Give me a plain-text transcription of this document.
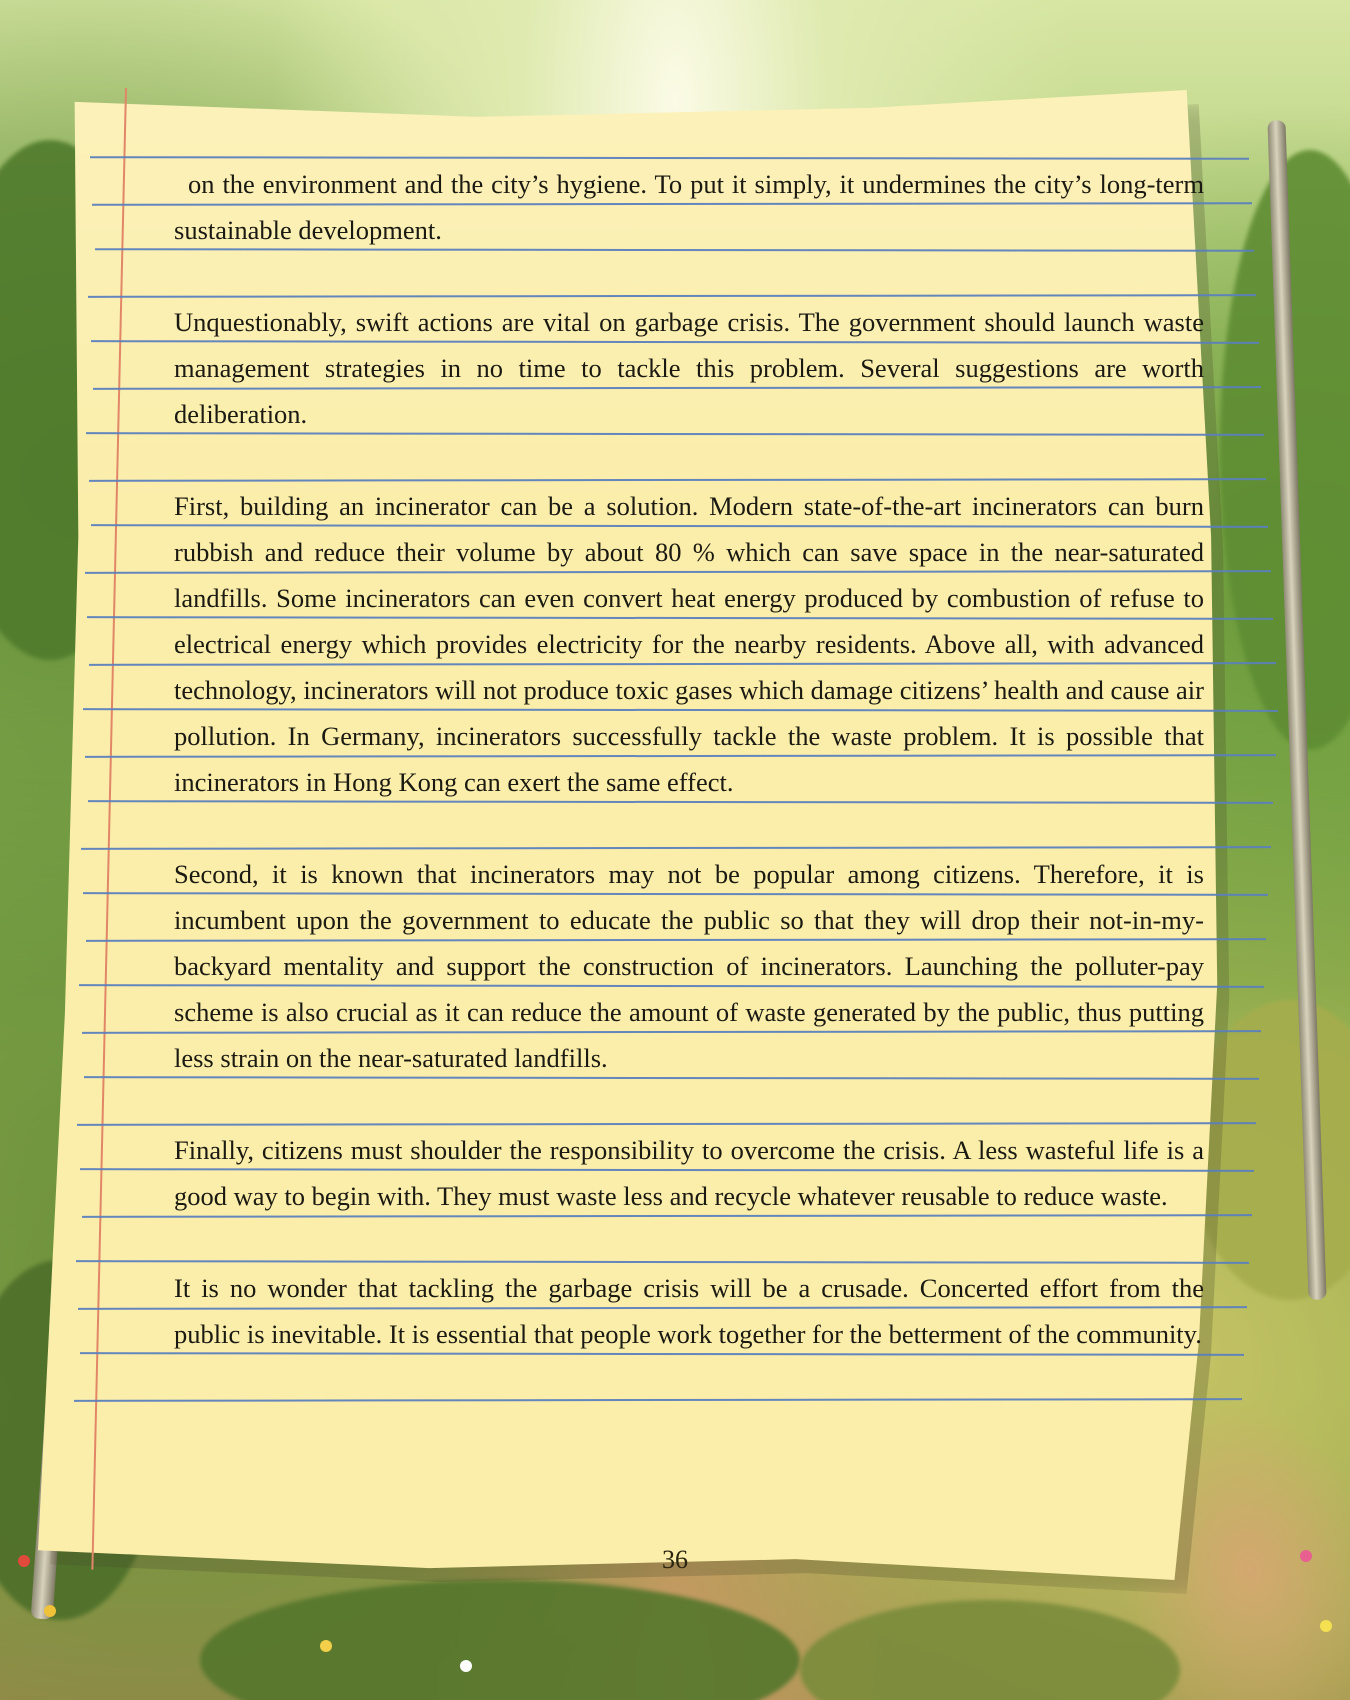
on the environment and the city’s hygiene. To put it simply, it undermines the city’s long-term sustainable development.

Unquestionably, swift actions are vital on garbage crisis. The government should launch waste management strategies in no time to tackle this problem. Several suggestions are worth deliberation.

First, building an incinerator can be a solution. Modern state-of-the-art incinerators can burn rubbish and reduce their volume by about 80 % which can save space in the near-saturated landfills. Some incinerators can even convert heat energy produced by combustion of refuse to electrical energy which provides electricity for the nearby residents. Above all, with advanced technology, incinerators will not produce toxic gases which damage citizens’ health and cause air pollution. In Germany, incinerators successfully tackle the waste problem. It is possible that incinerators in Hong Kong can exert the same effect.

Second, it is known that incinerators may not be popular among citizens. Therefore, it is incumbent upon the government to educate the public so that they will drop their not-in-my-backyard mentality and support the construction of incinerators. Launching the polluter-pay scheme is also crucial as it can reduce the amount of waste generated by the public, thus putting less strain on the near-saturated landfills.

Finally, citizens must shoulder the responsibility to overcome the crisis. A less wasteful life is a good way to begin with. They must waste less and recycle whatever reusable to reduce waste.

It is no wonder that tackling the garbage crisis will be a crusade. Concerted effort from the public is inevitable. It is essential that people work together for the betterment of the community.

36
